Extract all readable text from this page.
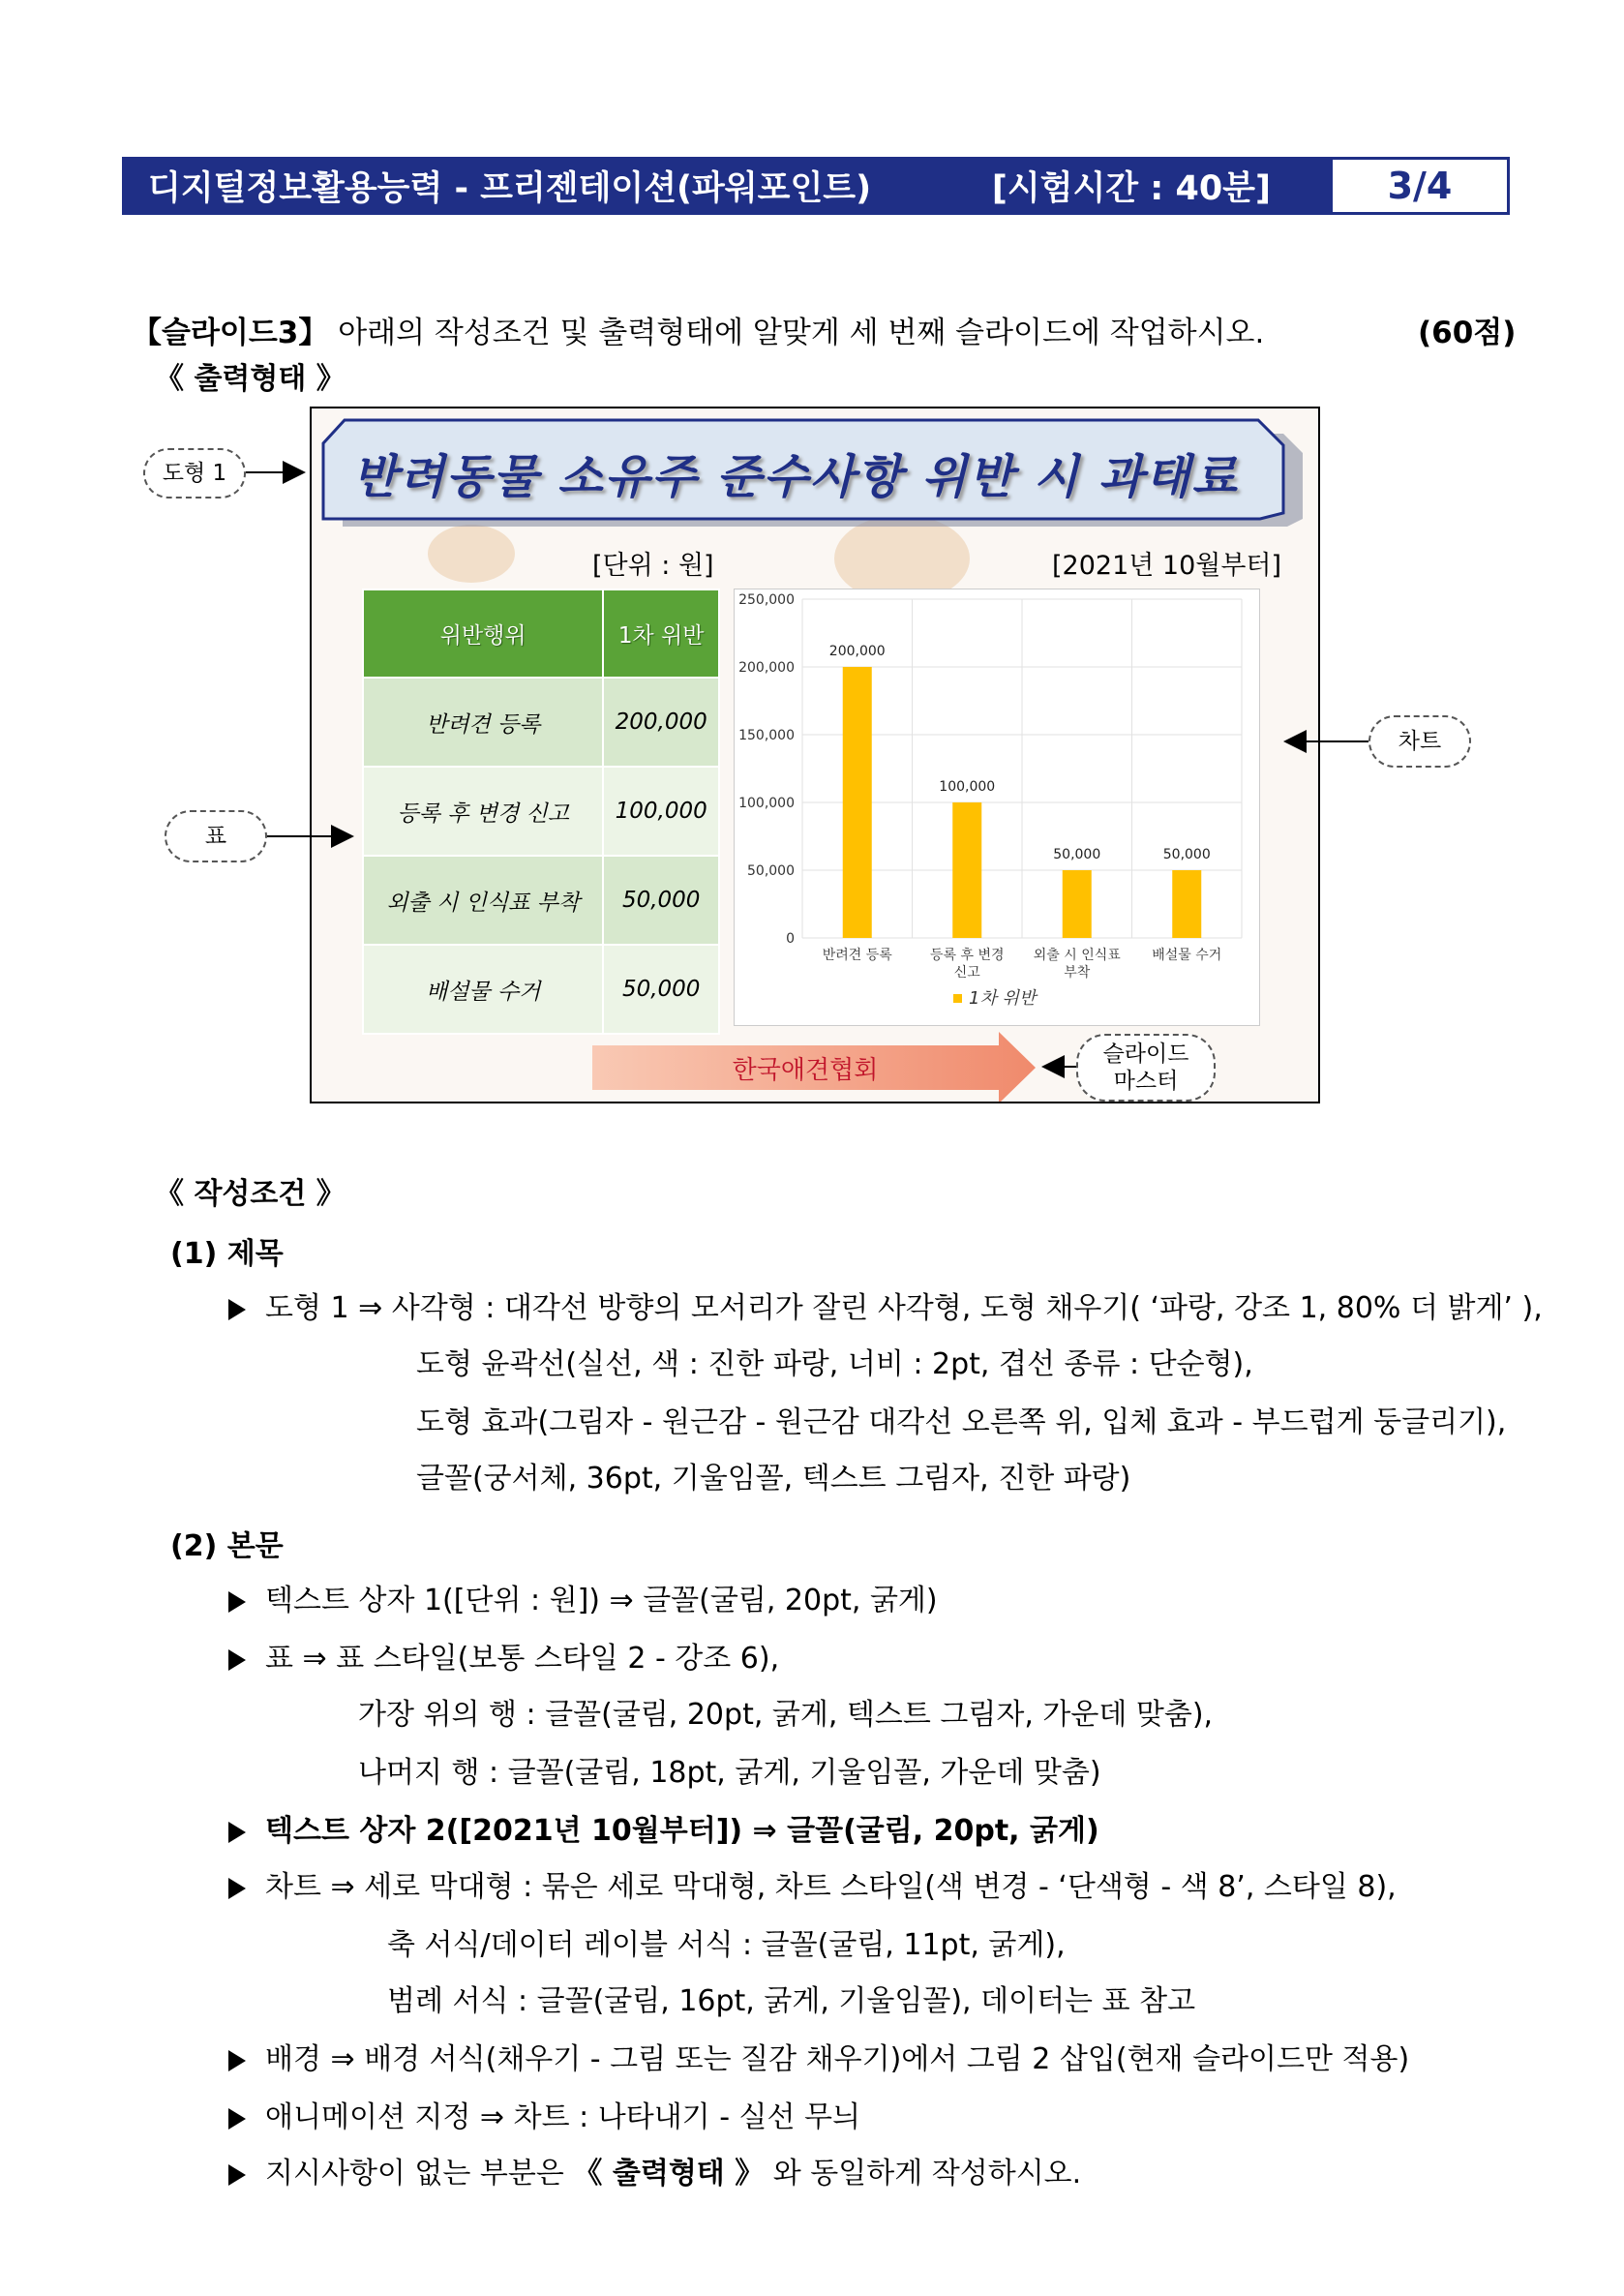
디지털정보활용능력 - 프리젠테이션(파워포인트)	[시험시간 : 40분]	3/4
【슬라이드3】 아래의 작성조건 및 출력형태에 알맞게 세 번째 슬라이드에 작업하시오.	(60점)
《 출력형태 》
반려동물 소유주 준수사항 위반 시 과태료
[단위 : 원]	[2021년 10월부터]
위반행위	1차 위반
반려견 등록	200,000
등록 후 변경 신고	100,000
외출 시 인식표 부착	50,000
배설물 수거	50,000
0
50,000
100,000
150,000
200,000
250,000
200,000
반려견 등록
100,000
등록 후 변경
신고
50,000
외출 시 인식표
부착
50,000
배설물 수거
1차 위반
한국애견협회
도형 1
표
차트
슬라이드
마스터
《 작성조건 》
(1) 제목
도형 1 ⇒ 사각형 : 대각선 방향의 모서리가 잘린 사각형, 도형 채우기( ‘파랑, 강조 1, 80% 더 밝게’ ),
도형 윤곽선(실선, 색 : 진한 파랑, 너비 : 2pt, 겹선 종류 : 단순형),
도형 효과(그림자 - 원근감 - 원근감 대각선 오른쪽 위, 입체 효과 - 부드럽게 둥글리기),
글꼴(궁서체, 36pt, 기울임꼴, 텍스트 그림자, 진한 파랑)
(2) 본문
텍스트 상자 1([단위 : 원]) ⇒ 글꼴(굴림, 20pt, 굵게)
표 ⇒ 표 스타일(보통 스타일 2 - 강조 6),
가장 위의 행 : 글꼴(굴림, 20pt, 굵게, 텍스트 그림자, 가운데 맞춤),
나머지 행 : 글꼴(굴림, 18pt, 굵게, 기울임꼴, 가운데 맞춤)
텍스트 상자 2([2021년 10월부터]) ⇒ 글꼴(굴림, 20pt, 굵게)
차트 ⇒ 세로 막대형 : 묶은 세로 막대형, 차트 스타일(색 변경 - ‘단색형 - 색 8’, 스타일 8),
축 서식/데이터 레이블 서식 : 글꼴(굴림, 11pt, 굵게),
범례 서식 : 글꼴(굴림, 16pt, 굵게, 기울임꼴), 데이터는 표 참고
배경 ⇒ 배경 서식(채우기 - 그림 또는 질감 채우기)에서 그림 2 삽입(현재 슬라이드만 적용)
애니메이션 지정 ⇒ 차트 : 나타내기 - 실선 무늬
지시사항이 없는 부분은 《 출력형태 》 와 동일하게 작성하시오.
